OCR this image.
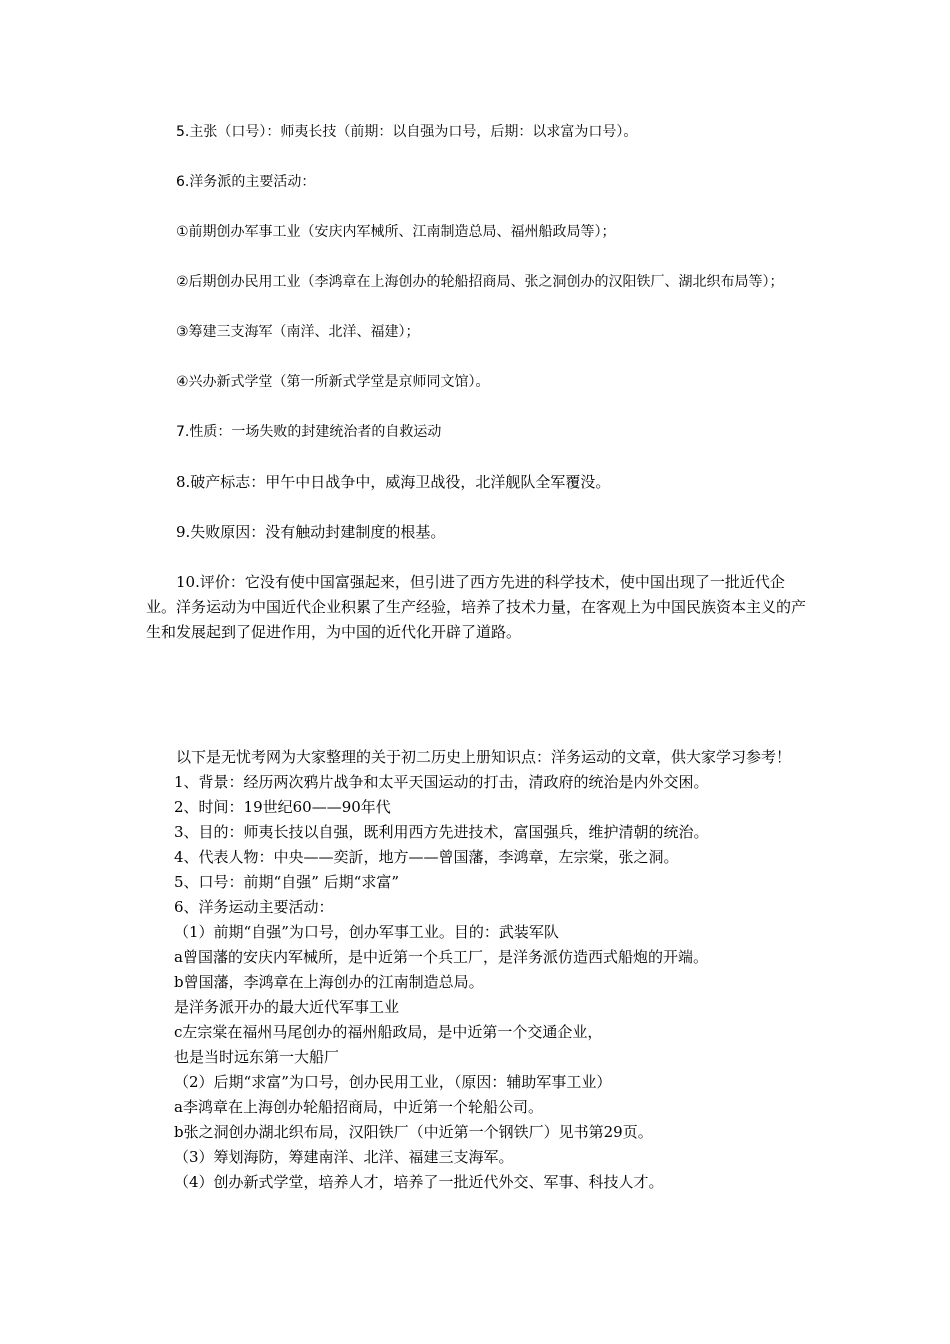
5.主张（口号）：师夷长技（前期：以自强为口号，后期：以求富为口号）。

6.洋务派的主要活动：

①前期创办军事工业（安庆内军械所、江南制造总局、福州船政局等）；

②后期创办民用工业（李鸿章在上海创办的轮船招商局、张之洞创办的汉阳铁厂、湖北织布局等）；

③筹建三支海军（南洋、北洋、福建）；

④兴办新式学堂（第一所新式学堂是京师同文馆）。

7.性质：一场失败的封建统治者的自救运动

8.破产标志：甲午中日战争中，威海卫战役，北洋舰队全军覆没。

9.失败原因：没有触动封建制度的根基。

10.评价：它没有使中国富强起来，但引进了西方先进的科学技术，使中国出现了一批近代企业。洋务运动为中国近代企业积累了生产经验，培养了技术力量，在客观上为中国民族资本主义的产生和发展起到了促进作用，为中国的近代化开辟了道路。

以下是无忧考网为大家整理的关于初二历史上册知识点：洋务运动的文章，供大家学习参考！

1、背景：经历两次鸦片战争和太平天国运动的打击，清政府的统治是内外交困。

2、时间：19世纪60——90年代

3、目的：师夷长技以自强，既利用西方先进技术，富国强兵，维护清朝的统治。

4、代表人物：中央——奕訢，地方——曾国藩，李鸿章，左宗棠，张之洞。

5、口号：前期“自强” 后期“求富”

6、洋务运动主要活动：

（1）前期“自强”为口号，创办军事工业。目的：武装军队

a曾国藩的安庆内军械所，是中近第一个兵工厂，是洋务派仿造西式船炮的开端。

b曾国藩，李鸿章在上海创办的江南制造总局。

是洋务派开办的最大近代军事工业

c左宗棠在福州马尾创办的福州船政局，是中近第一个交通企业，

也是当时远东第一大船厂

（2）后期“求富”为口号，创办民用工业，（原因：辅助军事工业）

a李鸿章在上海创办轮船招商局，中近第一个轮船公司。

b张之洞创办湖北织布局，汉阳铁厂（中近第一个钢铁厂）见书第29页。

（3）筹划海防，筹建南洋、北洋、福建三支海军。

（4）创办新式学堂，培养人才，培养了一批近代外交、军事、科技人才。
